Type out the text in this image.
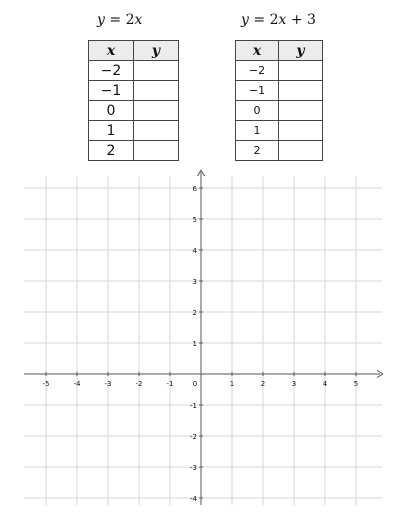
y = 2x	y = 2x + 3
x	y
−2	
−1	
0	
1	
2	
x	y
−2	
−1	
0	
1	
2	
-5	-4	-3	-2	-1	0	1	2	3	4	5
6
5
4
3
2
1
-1
-2
-3
-4
